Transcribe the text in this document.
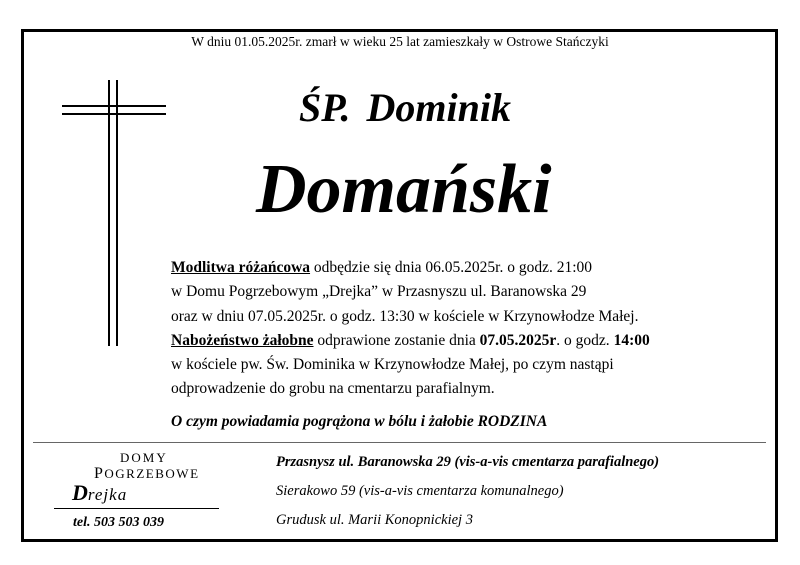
W dniu 01.05.2025r. zmarł w wieku 25 lat zamieszkały w Ostrowe Stańczyki
ŚP. Dominik
Domański
Modlitwa różańcowa odbędzie się dnia 06.05.2025r. o godz. 21:00
w Domu Pogrzebowym „Drejka” w Przasnyszu ul. Baranowska 29
oraz w dniu 07.05.2025r. o godz. 13:30 w kościele w Krzynowłodze Małej.
Nabożeństwo żałobne odprawione zostanie dnia 07.05.2025r. o godz. 14:00
w kościele pw. Św. Dominika w Krzynowłodze Małej, po czym nastąpi
odprowadzenie do grobu na cmentarzu parafialnym.
O czym powiadamia pogrążona w bólu i żałobie RODZINA
DOMY
POGRZEBOWE
Drejka
tel. 503 503 039
Przasnysz ul. Baranowska 29 (vis-a-vis cmentarza parafialnego)
Sierakowo 59 (vis-a-vis cmentarza komunalnego)
Grudusk ul. Marii Konopnickiej 3
